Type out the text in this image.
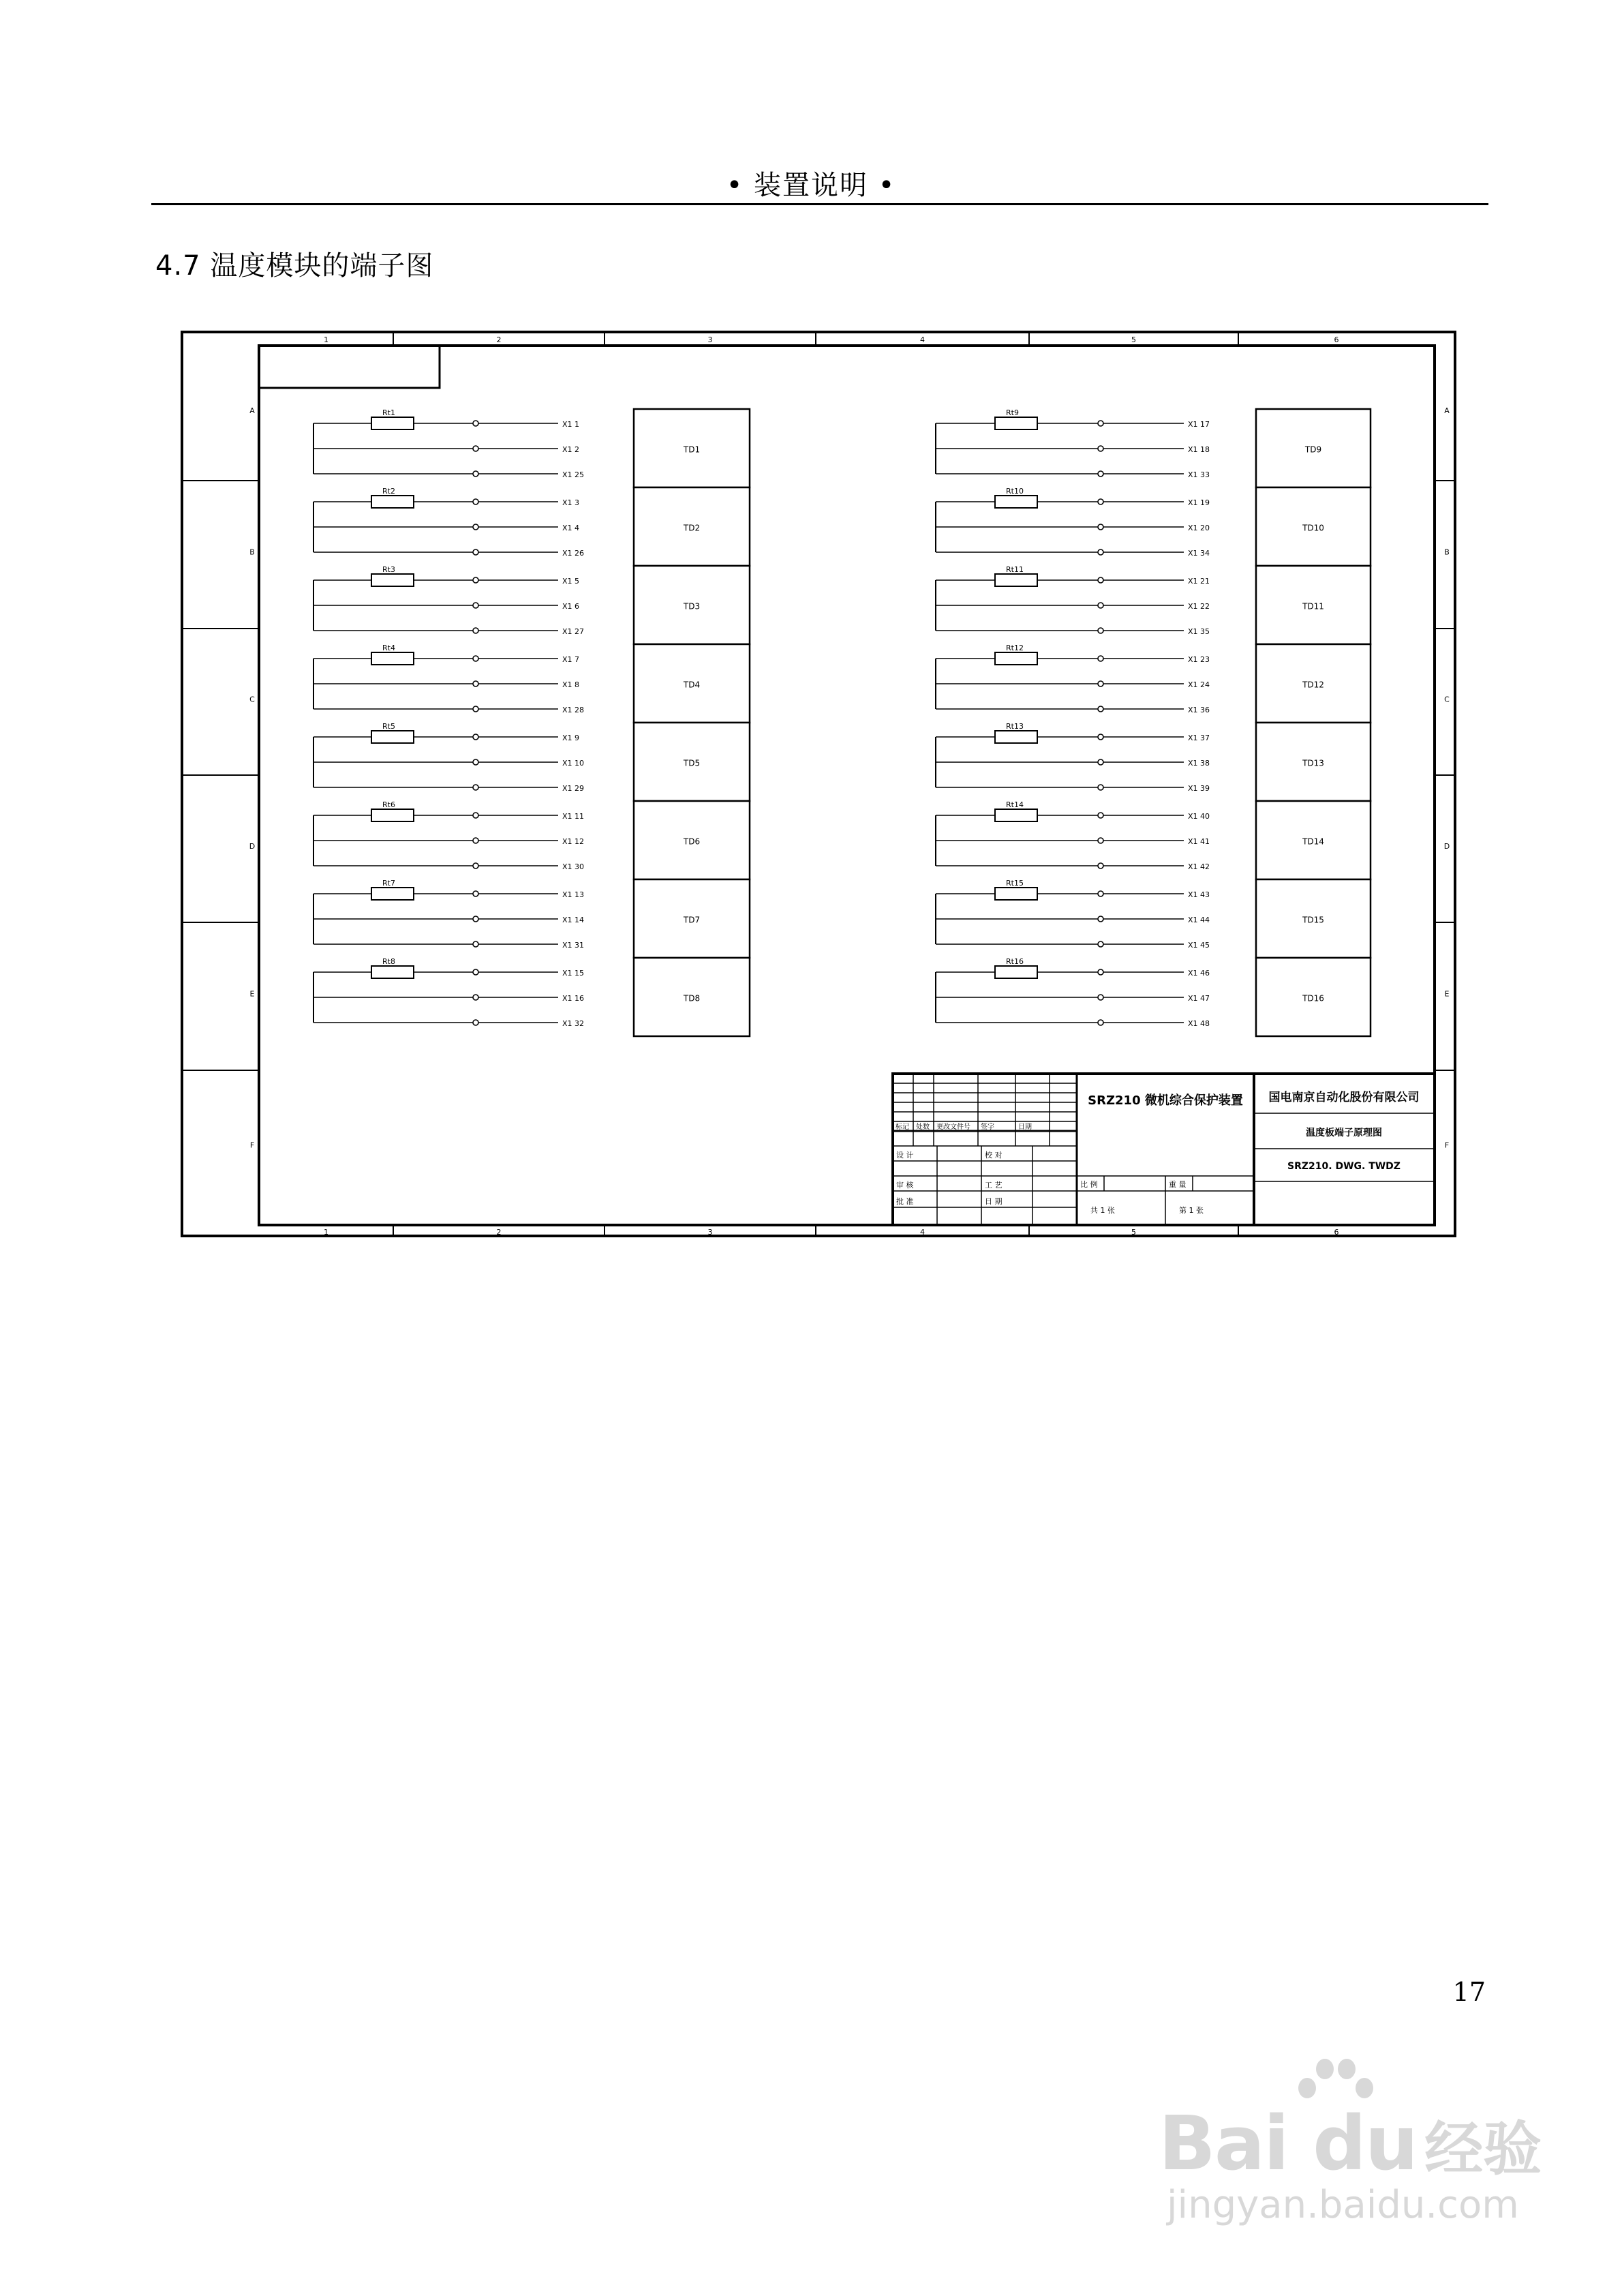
• 装置说明 •
4.7 温度模块的端子图
1	2	3	4	5	6
1	2	3	4	5	6
A
B
C
D
E
F
A
B
C
D
E
F
X1 1
X1 2
X1 25
Rt1
TD1
X1 3
X1 4
X1 26
Rt2
TD2
X1 5
X1 6
X1 27
Rt3
TD3
X1 7
X1 8
X1 28
Rt4
TD4
X1 9
X1 10
X1 29
Rt5
TD5
X1 11
X1 12
X1 30
Rt6
TD6
X1 13
X1 14
X1 31
Rt7
TD7
X1 15
X1 16
X1 32
Rt8
TD8
X1 17
X1 18
X1 33
Rt9
TD9
X1 19
X1 20
X1 34
Rt10
TD10
X1 21
X1 22
X1 35
Rt11
TD11
X1 23
X1 24
X1 36
Rt12
TD12
X1 37
X1 38
X1 39
Rt13
TD13
X1 40
X1 41
X1 42
Rt14
TD14
X1 43
X1 44
X1 45
Rt15
TD15
X1 46
X1 47
X1 48
Rt16
TD16
SRZ210 微机综合保护装置 国电南京自动化股份有限公司
温度板端子原理图
SRZ210. DWG. TWDZ
标记 处数 更改文件号 签字	日期
设 计	校 对
审 核	工 艺
批 准	日 期
共 1 张	第 1 张
比 例	重 量
17
Bai du 经验
jingyan.baidu.com
